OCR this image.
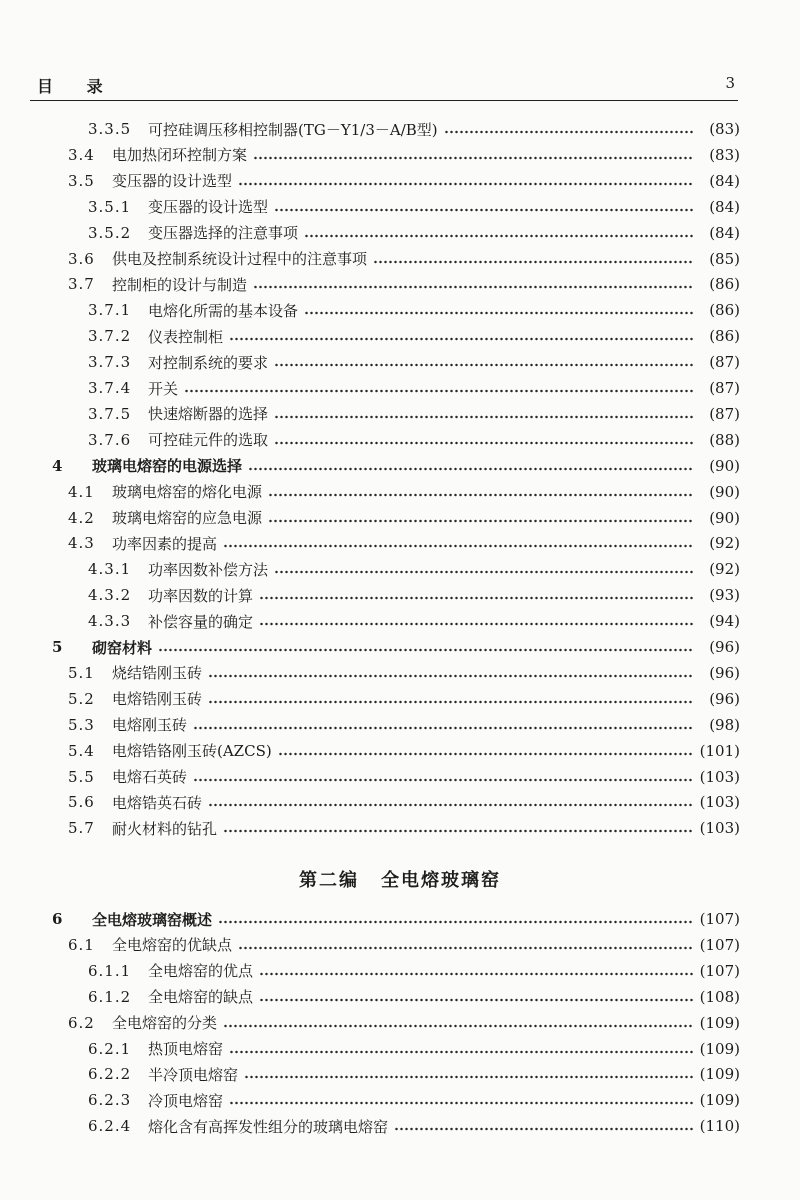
目 录	3
3.3.5	可控硅调压移相控制器(TG－Y1/3－A/B型)	(83)
3.4	电加热闭环控制方案	(83)
3.5	变压器的设计选型	(84)
3.5.1	变压器的设计选型	(84)
3.5.2	变压器选择的注意事项	(84)
3.6	供电及控制系统设计过程中的注意事项	(85)
3.7	控制柜的设计与制造	(86)
3.7.1	电熔化所需的基本设备	(86)
3.7.2	仪表控制柜	(86)
3.7.3	对控制系统的要求	(87)
3.7.4	开关	(87)
3.7.5	快速熔断器的选择	(87)
3.7.6	可控硅元件的选取	(88)
4	玻璃电熔窑的电源选择	(90)
4.1	玻璃电熔窑的熔化电源	(90)
4.2	玻璃电熔窑的应急电源	(90)
4.3	功率因素的提高	(92)
4.3.1	功率因数补偿方法	(92)
4.3.2	功率因数的计算	(93)
4.3.3	补偿容量的确定	(94)
5	砌窑材料	(96)
5.1	烧结锆刚玉砖	(96)
5.2	电熔锆刚玉砖	(96)
5.3	电熔刚玉砖	(98)
5.4	电熔锆铬刚玉砖(AZCS)	(101)
5.5	电熔石英砖	(103)
5.6	电熔锆英石砖	(103)
5.7	耐火材料的钻孔	(103)
第二编 全电熔玻璃窑
6	全电熔玻璃窑概述	(107)
6.1	全电熔窑的优缺点	(107)
6.1.1	全电熔窑的优点	(107)
6.1.2	全电熔窑的缺点	(108)
6.2	全电熔窑的分类	(109)
6.2.1	热顶电熔窑	(109)
6.2.2	半冷顶电熔窑	(109)
6.2.3	冷顶电熔窑	(109)
6.2.4	熔化含有高挥发性组分的玻璃电熔窑	(110)
